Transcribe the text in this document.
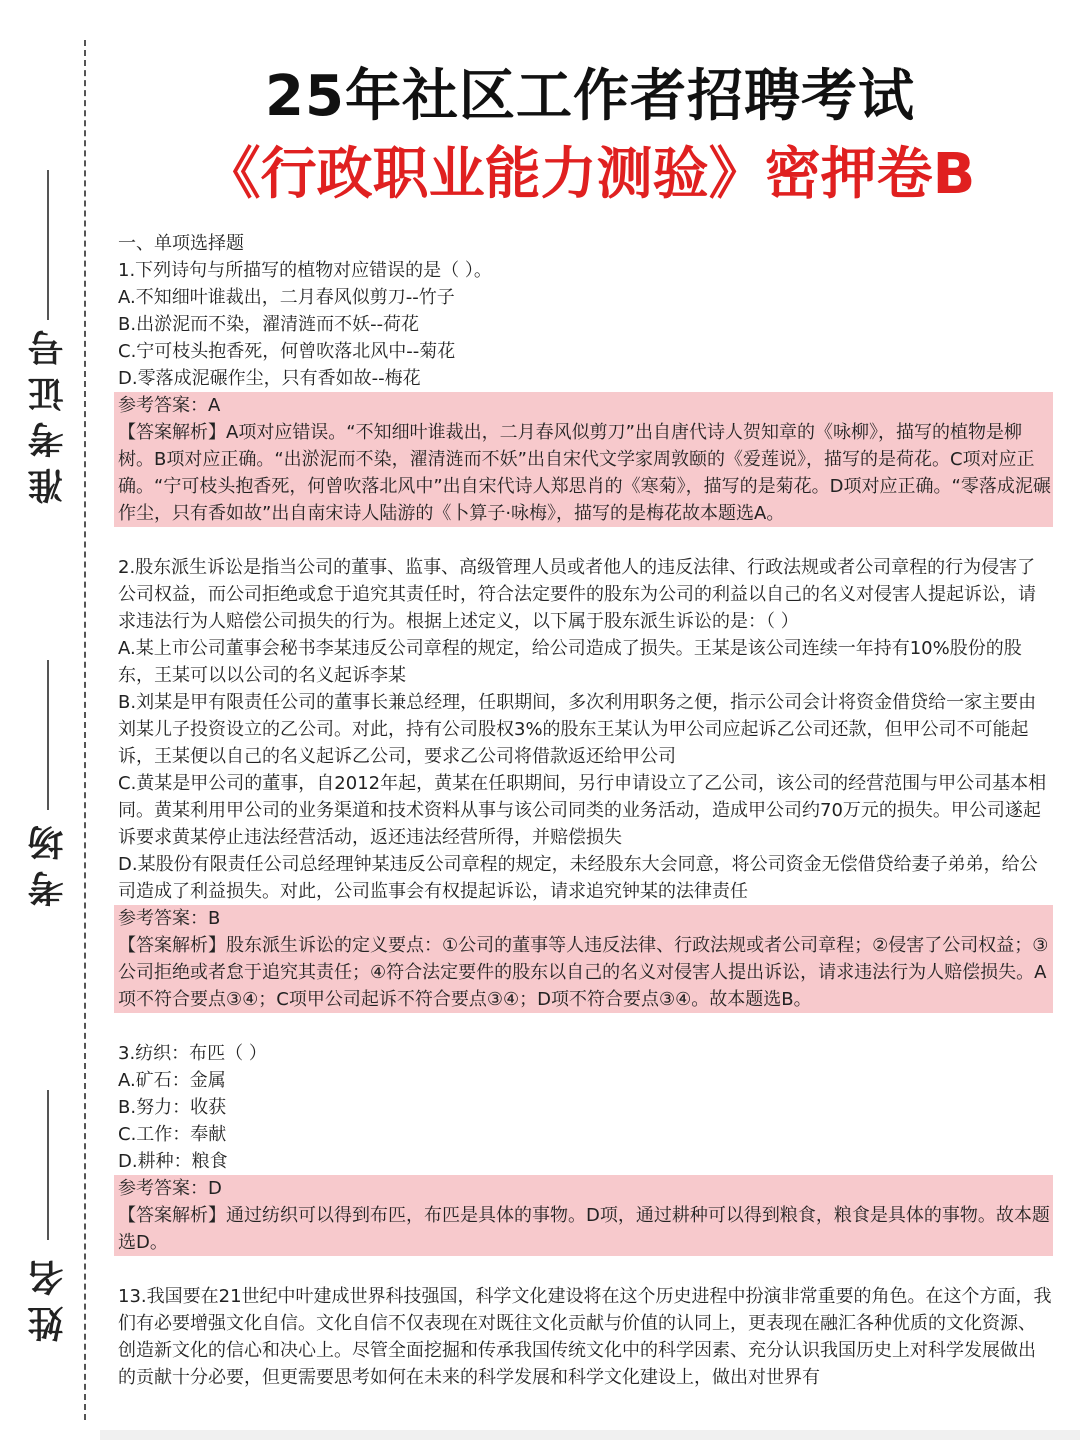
准考证号
考场
姓名
25年社区工作者招聘考试
《行政职业能力测验》密押卷B

一、单项选择题

1.下列诗句与所描写的植物对应错误的是（ ）。

A.不知细叶谁裁出，二月春风似剪刀--竹子

B.出淤泥而不染，濯清涟而不妖--荷花

C.宁可枝头抱香死，何曾吹落北风中--菊花

D.零落成泥碾作尘，只有香如故--梅花

参考答案：A

【答案解析】A项对应错误。“不知细叶谁裁出，二月春风似剪刀”出自唐代诗人贺知章的《咏柳》，描写的植物是柳树。B项对应正确。“出淤泥而不染，濯清涟而不妖”出自宋代文学家周敦颐的《爱莲说》，描写的是荷花。C项对应正确。“宁可枝头抱香死，何曾吹落北风中”出自宋代诗人郑思肖的《寒菊》，描写的是菊花。D项对应正确。“零落成泥碾作尘，只有香如故”出自南宋诗人陆游的《卜算子·咏梅》，描写的是梅花故本题选A。

2.股东派生诉讼是指当公司的董事、监事、高级管理人员或者他人的违反法律、行政法规或者公司章程的行为侵害了公司权益，而公司拒绝或怠于追究其责任时，符合法定要件的股东为公司的利益以自己的名义对侵害人提起诉讼，请求违法行为人赔偿公司损失的行为。根据上述定义，以下属于股东派生诉讼的是：（ ）

A.某上市公司董事会秘书李某违反公司章程的规定，给公司造成了损失。王某是该公司连续一年持有10%股份的股东，王某可以以公司的名义起诉李某

B.刘某是甲有限责任公司的董事长兼总经理，任职期间，多次利用职务之便，指示公司会计将资金借贷给一家主要由刘某儿子投资设立的乙公司。对此，持有公司股权3%的股东王某认为甲公司应起诉乙公司还款，但甲公司不可能起诉，王某便以自己的名义起诉乙公司，要求乙公司将借款返还给甲公司

C.黄某是甲公司的董事，自2012年起，黄某在任职期间，另行申请设立了乙公司，该公司的经营范围与甲公司基本相同。黄某利用甲公司的业务渠道和技术资料从事与该公司同类的业务活动，造成甲公司约70万元的损失。甲公司遂起诉要求黄某停止违法经营活动，返还违法经营所得，并赔偿损失

D.某股份有限责任公司总经理钟某违反公司章程的规定，未经股东大会同意，将公司资金无偿借贷给妻子弟弟，给公司造成了利益损失。对此，公司监事会有权提起诉讼，请求追究钟某的法律责任

参考答案：B

【答案解析】股东派生诉讼的定义要点：①公司的董事等人违反法律、行政法规或者公司章程；②侵害了公司权益；③公司拒绝或者怠于追究其责任；④符合法定要件的股东以自己的名义对侵害人提出诉讼，请求违法行为人赔偿损失。A项不符合要点③④；C项甲公司起诉不符合要点③④；D项不符合要点③④。故本题选B。

3.纺织：布匹（ ）

A.矿石：金属

B.努力：收获

C.工作：奉献

D.耕种：粮食

参考答案：D

【答案解析】通过纺织可以得到布匹，布匹是具体的事物。D项，通过耕种可以得到粮食，粮食是具体的事物。故本题选D。

13.我国要在21世纪中叶建成世界科技强国，科学文化建设将在这个历史进程中扮演非常重要的角色。在这个方面，我们有必要增强文化自信。文化自信不仅表现在对既往文化贡献与价值的认同上，更表现在融汇各种优质的文化资源、创造新文化的信心和决心上。尽管全面挖掘和传承我国传统文化中的科学因素、充分认识我国历史上对科学发展做出的贡献十分必要，但更需要思考如何在未来的科学发展和科学文化建设上，做出对世界有
